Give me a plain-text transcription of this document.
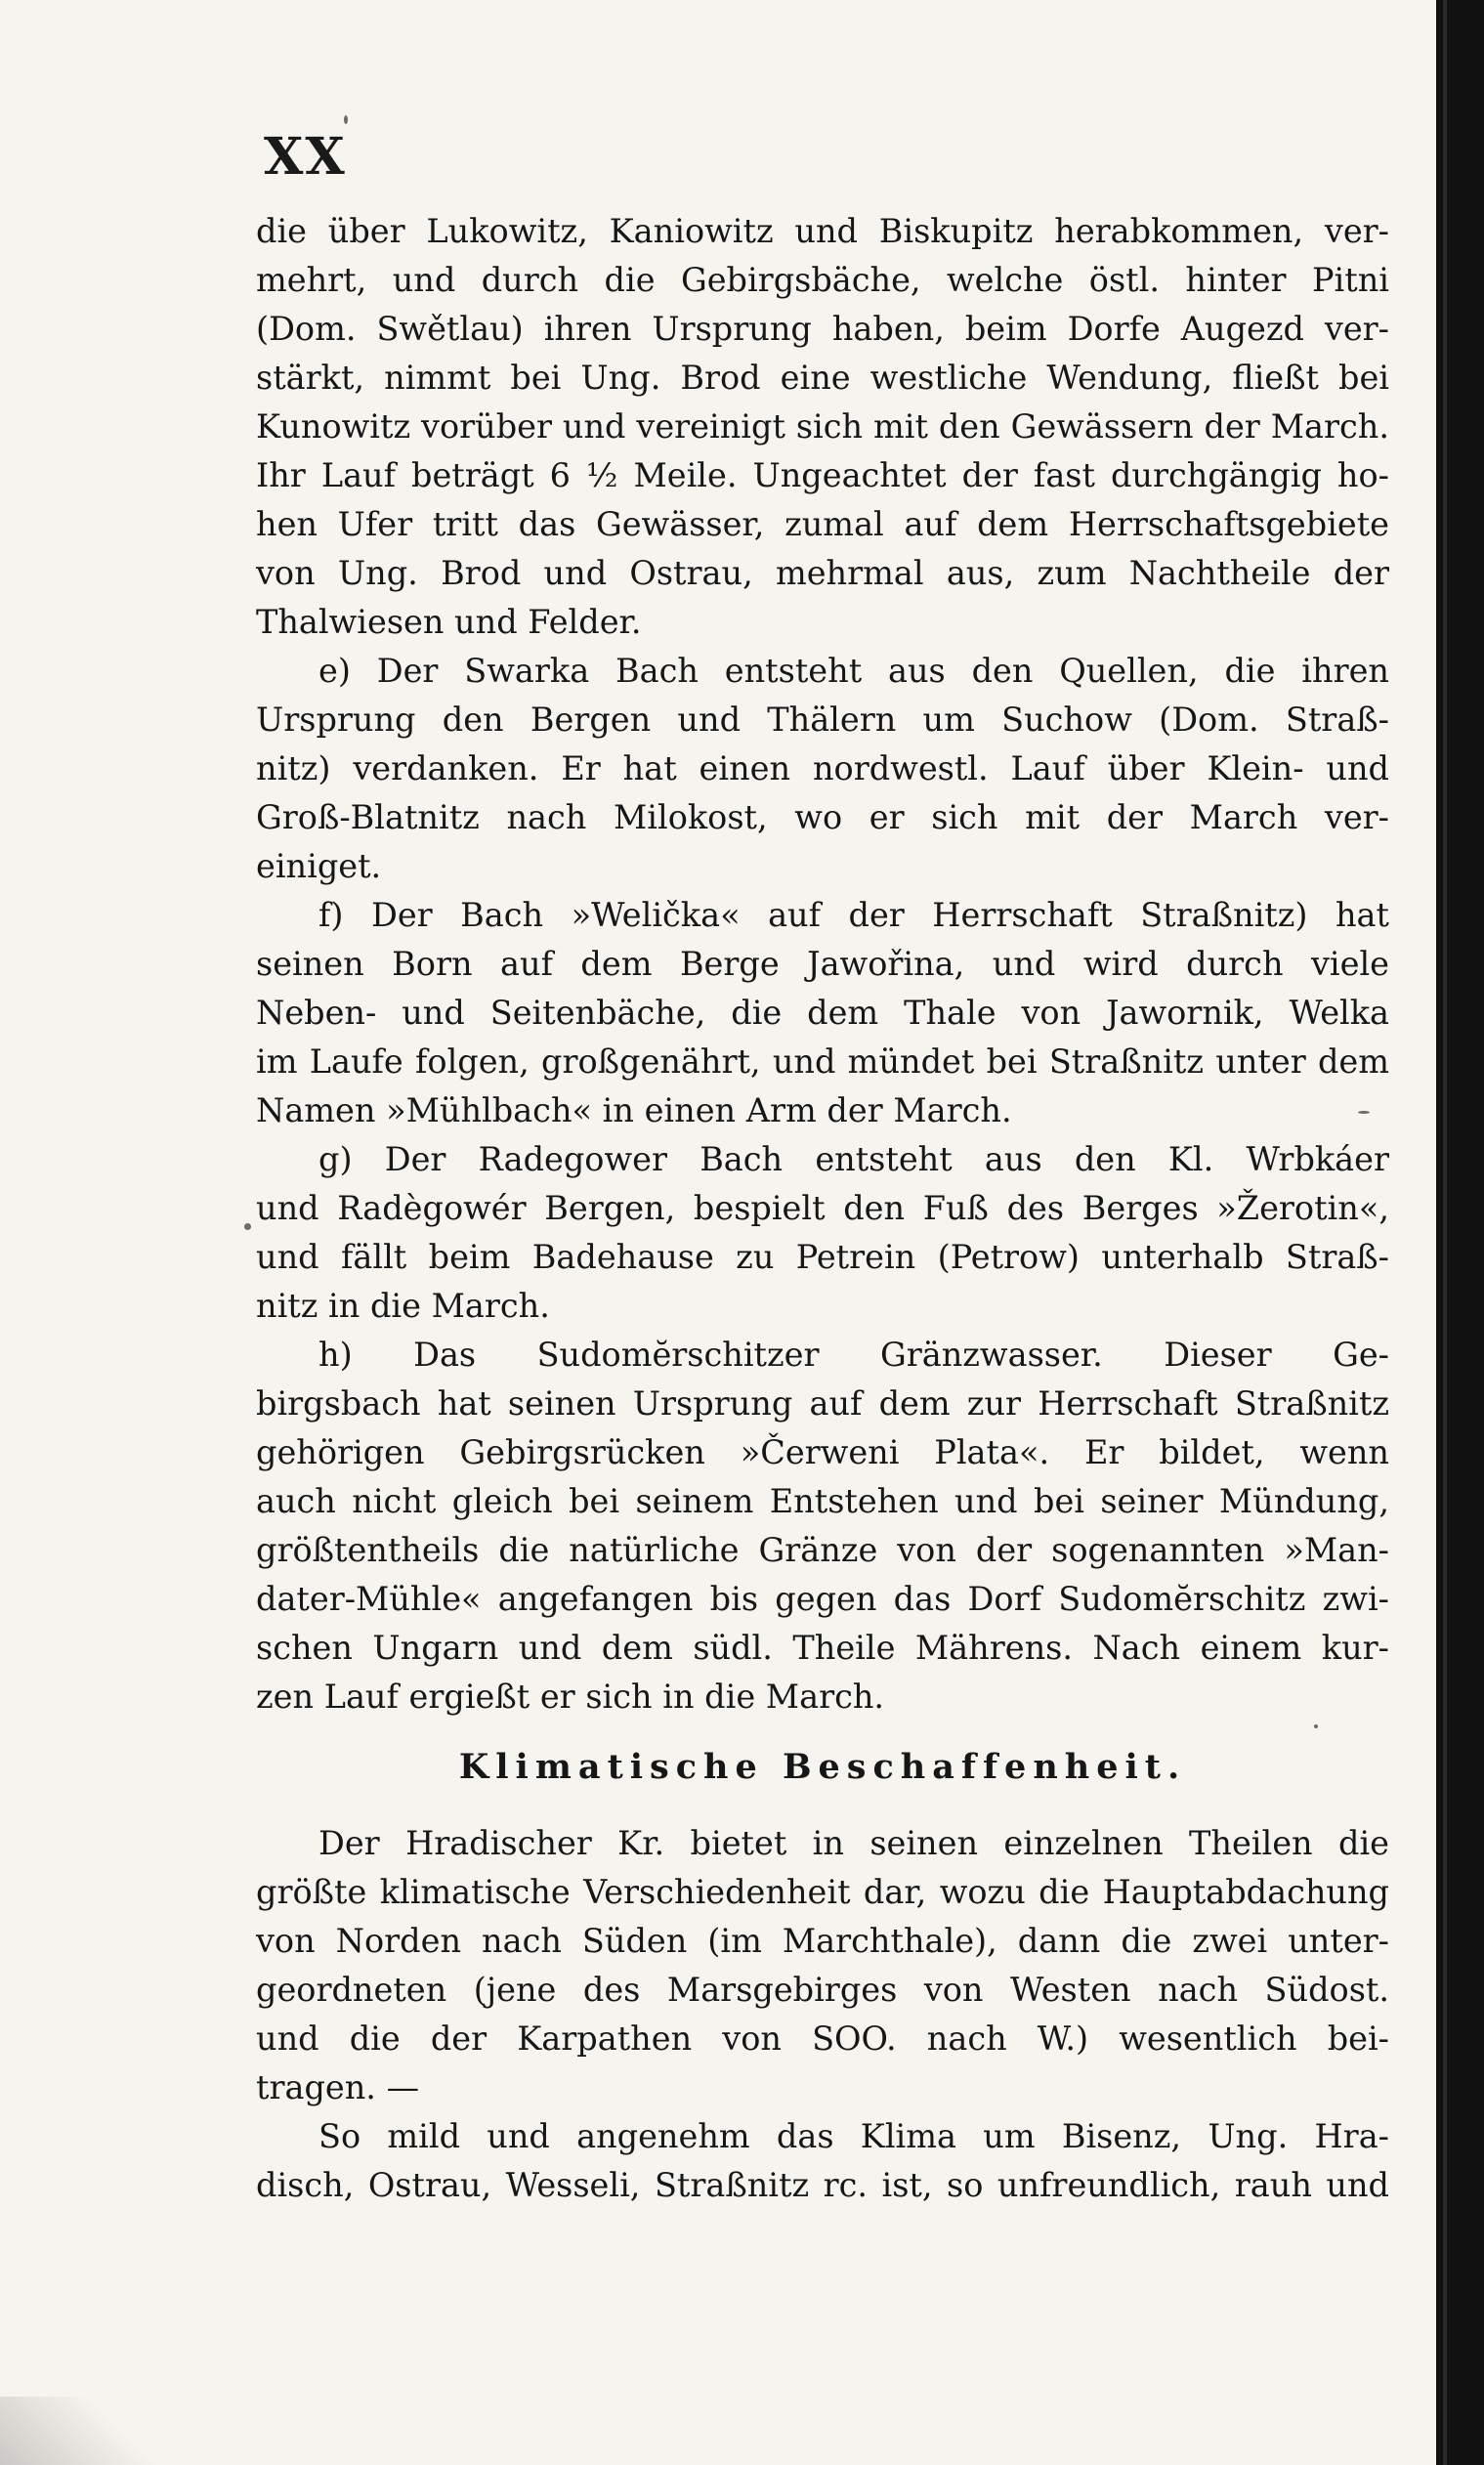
XX
die über Lukowitz, Kaniowitz und Biskupitz herabkommen, ver-
mehrt, und durch die Gebirgsbäche, welche östl. hinter Pitni
(Dom. Swětlau) ihren Ursprung haben, beim Dorfe Augezd ver-
stärkt, nimmt bei Ung. Brod eine westliche Wendung, fließt bei
Kunowitz vorüber und vereinigt sich mit den Gewässern der March.
Ihr Lauf beträgt 6 ½ Meile. Ungeachtet der fast durchgängig ho-
hen Ufer tritt das Gewässer, zumal auf dem Herrschaftsgebiete
von Ung. Brod und Ostrau, mehrmal aus, zum Nachtheile der
Thalwiesen und Felder.
e) Der Swarka Bach entsteht aus den Quellen, die ihren
Ursprung den Bergen und Thälern um Suchow (Dom. Straß-
nitz) verdanken. Er hat einen nordwestl. Lauf über Klein- und
Groß-Blatnitz nach Milokost, wo er sich mit der March ver-
einiget.
f) Der Bach »Welička« auf der Herrschaft Straßnitz) hat
seinen Born auf dem Berge Jawořina, und wird durch viele
Neben- und Seitenbäche, die dem Thale von Jawornik, Welka
im Laufe folgen, großgenährt, und mündet bei Straßnitz unter dem
Namen »Mühlbach« in einen Arm der March.
g) Der Radegower Bach entsteht aus den Kl. Wrbkáer
und Radègowér Bergen, bespielt den Fuß des Berges »Žerotin«,
und fällt beim Badehause zu Petrein (Petrow) unterhalb Straß-
nitz in die March.
h) Das Sudomĕrschitzer Gränzwasser. Dieser Ge-
birgsbach hat seinen Ursprung auf dem zur Herrschaft Straßnitz
gehörigen Gebirgsrücken »Čerweni Plata«. Er bildet, wenn
auch nicht gleich bei seinem Entstehen und bei seiner Mündung,
größtentheils die natürliche Gränze von der sogenannten »Man-
dater-Mühle« angefangen bis gegen das Dorf Sudomĕrschitz zwi-
schen Ungarn und dem südl. Theile Mährens. Nach einem kur-
zen Lauf ergießt er sich in die March.
Klimatische Beschaffenheit.
Der Hradischer Kr. bietet in seinen einzelnen Theilen die
größte klimatische Verschiedenheit dar, wozu die Hauptabdachung
von Norden nach Süden (im Marchthale), dann die zwei unter-
geordneten (jene des Marsgebirges von Westen nach Südost.
und die der Karpathen von SOO. nach W.) wesentlich bei-
tragen. —
So mild und angenehm das Klima um Bisenz, Ung. Hra-
disch, Ostrau, Wesseli, Straßnitz rc. ist, so unfreundlich, rauh und
